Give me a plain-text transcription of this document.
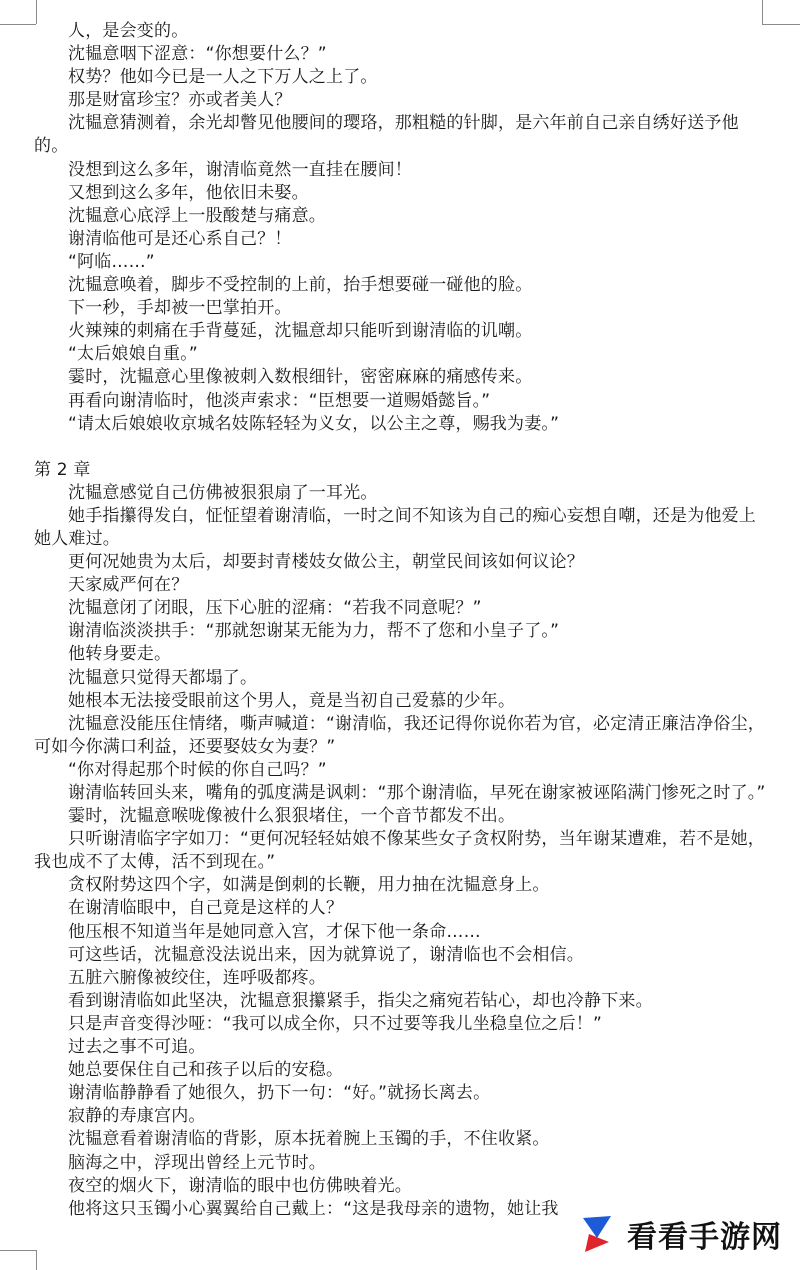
人，是会变的。

沈韫意咽下涩意：“你想要什么？”

权势？他如今已是一人之下万人之上了。

那是财富珍宝？亦或者美人？

沈韫意猜测着，余光却瞥见他腰间的璎珞，那粗糙的针脚，是六年前自己亲自绣好送予他的。

没想到这么多年，谢清临竟然一直挂在腰间！

又想到这么多年，他依旧未娶。

沈韫意心底浮上一股酸楚与痛意。

谢清临他可是还心系自己？！

“阿临……”

沈韫意唤着，脚步不受控制的上前，抬手想要碰一碰他的脸。

下一秒，手却被一巴掌拍开。

火辣辣的刺痛在手背蔓延，沈韫意却只能听到谢清临的讥嘲。

“太后娘娘自重。”

霎时，沈韫意心里像被刺入数根细针，密密麻麻的痛感传来。

再看向谢清临时，他淡声索求：“臣想要一道赐婚懿旨。”

“请太后娘娘收京城名妓陈轻轻为义女，以公主之尊，赐我为妻。”

第 2 章

沈韫意感觉自己仿佛被狠狠扇了一耳光。

她手指攥得发白，怔怔望着谢清临，一时之间不知该为自己的痴心妄想自嘲，还是为他爱上她人难过。

更何况她贵为太后，却要封青楼妓女做公主，朝堂民间该如何议论？

天家威严何在？

沈韫意闭了闭眼，压下心脏的涩痛：“若我不同意呢？”

谢清临淡淡拱手：“那就恕谢某无能为力，帮不了您和小皇子了。”

他转身要走。

沈韫意只觉得天都塌了。

她根本无法接受眼前这个男人，竟是当初自己爱慕的少年。

沈韫意没能压住情绪，嘶声喊道：“谢清临，我还记得你说你若为官，必定清正廉洁净俗尘，可如今你满口利益，还要娶妓女为妻？”

“你对得起那个时候的你自己吗？”

谢清临转回头来，嘴角的弧度满是讽刺：“那个谢清临，早死在谢家被诬陷满门惨死之时了。”

霎时，沈韫意喉咙像被什么狠狠堵住，一个音节都发不出。

只听谢清临字字如刀：“更何况轻轻姑娘不像某些女子贪权附势，当年谢某遭难，若不是她，我也成不了太傅，活不到现在。”

贪权附势这四个字，如满是倒刺的长鞭，用力抽在沈韫意身上。

在谢清临眼中，自己竟是这样的人？

他压根不知道当年是她同意入宫，才保下他一条命……

可这些话，沈韫意没法说出来，因为就算说了，谢清临也不会相信。

五脏六腑像被绞住，连呼吸都疼。

看到谢清临如此坚决，沈韫意狠攥紧手，指尖之痛宛若钻心，却也冷静下来。

只是声音变得沙哑：“我可以成全你，只不过要等我儿坐稳皇位之后！”

过去之事不可追。

她总要保住自己和孩子以后的安稳。

谢清临静静看了她很久，扔下一句：“好。”就扬长离去。

寂静的寿康宫内。

沈韫意看着谢清临的背影，原本抚着腕上玉镯的手，不住收紧。

脑海之中，浮现出曾经上元节时。

夜空的烟火下，谢清临的眼中也仿佛映着光。

他将这只玉镯小心翼翼给自己戴上：“这是我母亲的遗物，她让我

看看手游网
